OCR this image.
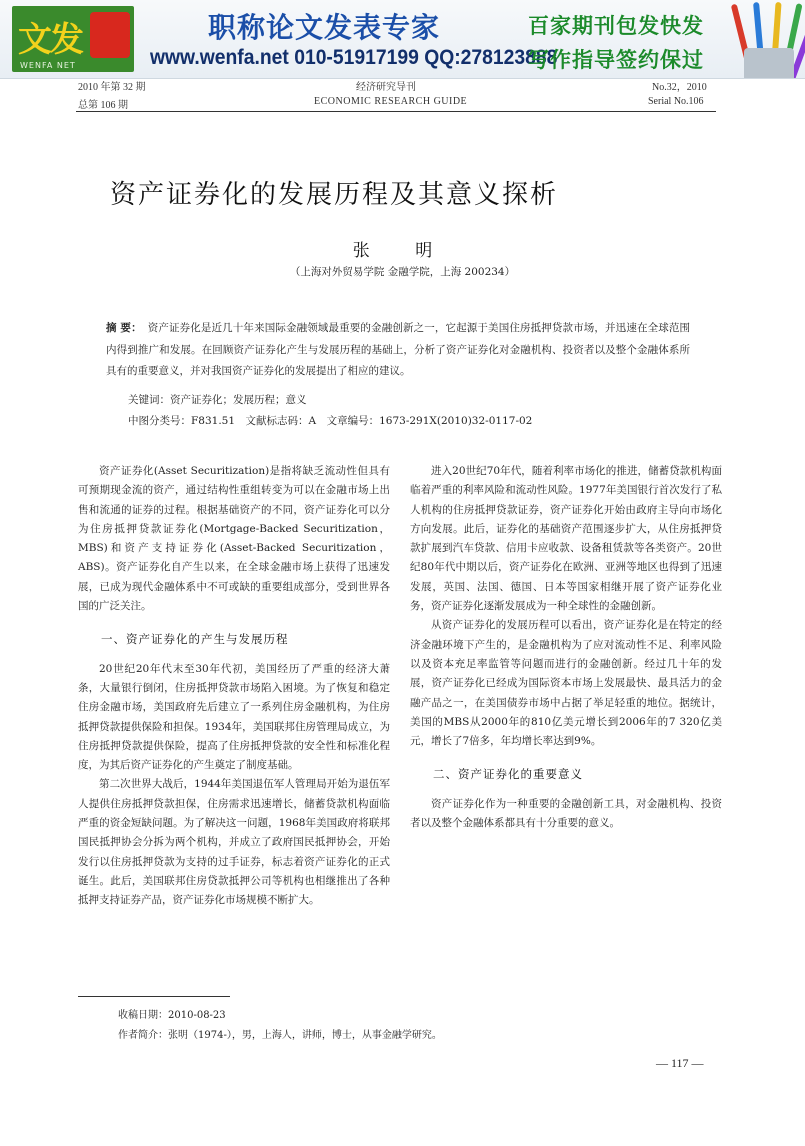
文发
WENFA NET
职称论文发表专家
www.wenfa.net 010-51917199 QQ:278123888
百家期刊包发快发
写作指导签约保过
2010 年第 32 期
总第 106 期
经济研究导刊
ECONOMIC RESEARCH GUIDE
No.32，2010
Serial No.106
资产证券化的发展历程及其意义探析
张 明
（上海对外贸易学院 金融学院，上海 200234）
摘 要： 资产证券化是近几十年来国际金融领域最重要的金融创新之一，它起源于美国住房抵押贷款市场，并迅速在全球范围内得到推广和发展。在回顾资产证券化产生与发展历程的基础上，分析了资产证券化对金融机构、投资者以及整个金融体系所具有的重要意义，并对我国资产证券化的发展提出了相应的建议。
关键词：资产证券化；发展历程；意义
中图分类号：F831.51　文献标志码：A　文章编号：1673-291X(2010)32-0117-02

资产证券化(Asset Securitization)是指将缺乏流动性但具有可预期现金流的资产，通过结构性重组转变为可以在金融市场上出售和流通的证券的过程。根据基础资产的不同，资产证券化可以分为住房抵押贷款证券化(Mortgage-Backed Securitization，MBS)和资产支持证券化(Asset-Backed Securitization，ABS)。资产证券化自产生以来，在全球金融市场上获得了迅速发展，已成为现代金融体系中不可或缺的重要组成部分，受到世界各国的广泛关注。

一、资产证券化的产生与发展历程

20世纪20年代末至30年代初，美国经历了严重的经济大萧条，大量银行倒闭，住房抵押贷款市场陷入困境。为了恢复和稳定住房金融市场，美国政府先后建立了一系列住房金融机构，为住房抵押贷款提供保险和担保。1934年，美国联邦住房管理局成立，为住房抵押贷款提供保险，提高了住房抵押贷款的安全性和标准化程度，为其后资产证券化的产生奠定了制度基础。

第二次世界大战后，1944年美国退伍军人管理局开始为退伍军人提供住房抵押贷款担保，住房需求迅速增长，储蓄贷款机构面临严重的资金短缺问题。为了解决这一问题，1968年美国政府将联邦国民抵押协会分拆为两个机构，并成立了政府国民抵押协会，开始发行以住房抵押贷款为支持的过手证券，标志着资产证券化的正式诞生。此后，美国联邦住房贷款抵押公司等机构也相继推出了各种抵押支持证券产品，资产证券化市场规模不断扩大。

进入20世纪70年代，随着利率市场化的推进，储蓄贷款机构面临着严重的利率风险和流动性风险。1977年美国银行首次发行了私人机构的住房抵押贷款证券，资产证券化开始由政府主导向市场化方向发展。此后，证券化的基础资产范围逐步扩大，从住房抵押贷款扩展到汽车贷款、信用卡应收款、设备租赁款等各类资产。20世纪80年代中期以后，资产证券化在欧洲、亚洲等地区也得到了迅速发展，英国、法国、德国、日本等国家相继开展了资产证券化业务，资产证券化逐渐发展成为一种全球性的金融创新。

从资产证券化的发展历程可以看出，资产证券化是在特定的经济金融环境下产生的，是金融机构为了应对流动性不足、利率风险以及资本充足率监管等问题而进行的金融创新。经过几十年的发展，资产证券化已经成为国际资本市场上发展最快、最具活力的金融产品之一，在美国债券市场中占据了举足轻重的地位。据统计，美国的MBS从2000年的810亿美元增长到2006年的7 320亿美元，增长了7倍多，年均增长率达到9%。

二、资产证券化的重要意义

资产证券化作为一种重要的金融创新工具，对金融机构、投资者以及整个金融体系都具有十分重要的意义。

收稿日期：2010-08-23
作者简介：张明（1974-），男，上海人，讲师，博士，从事金融学研究。
— 117 —
